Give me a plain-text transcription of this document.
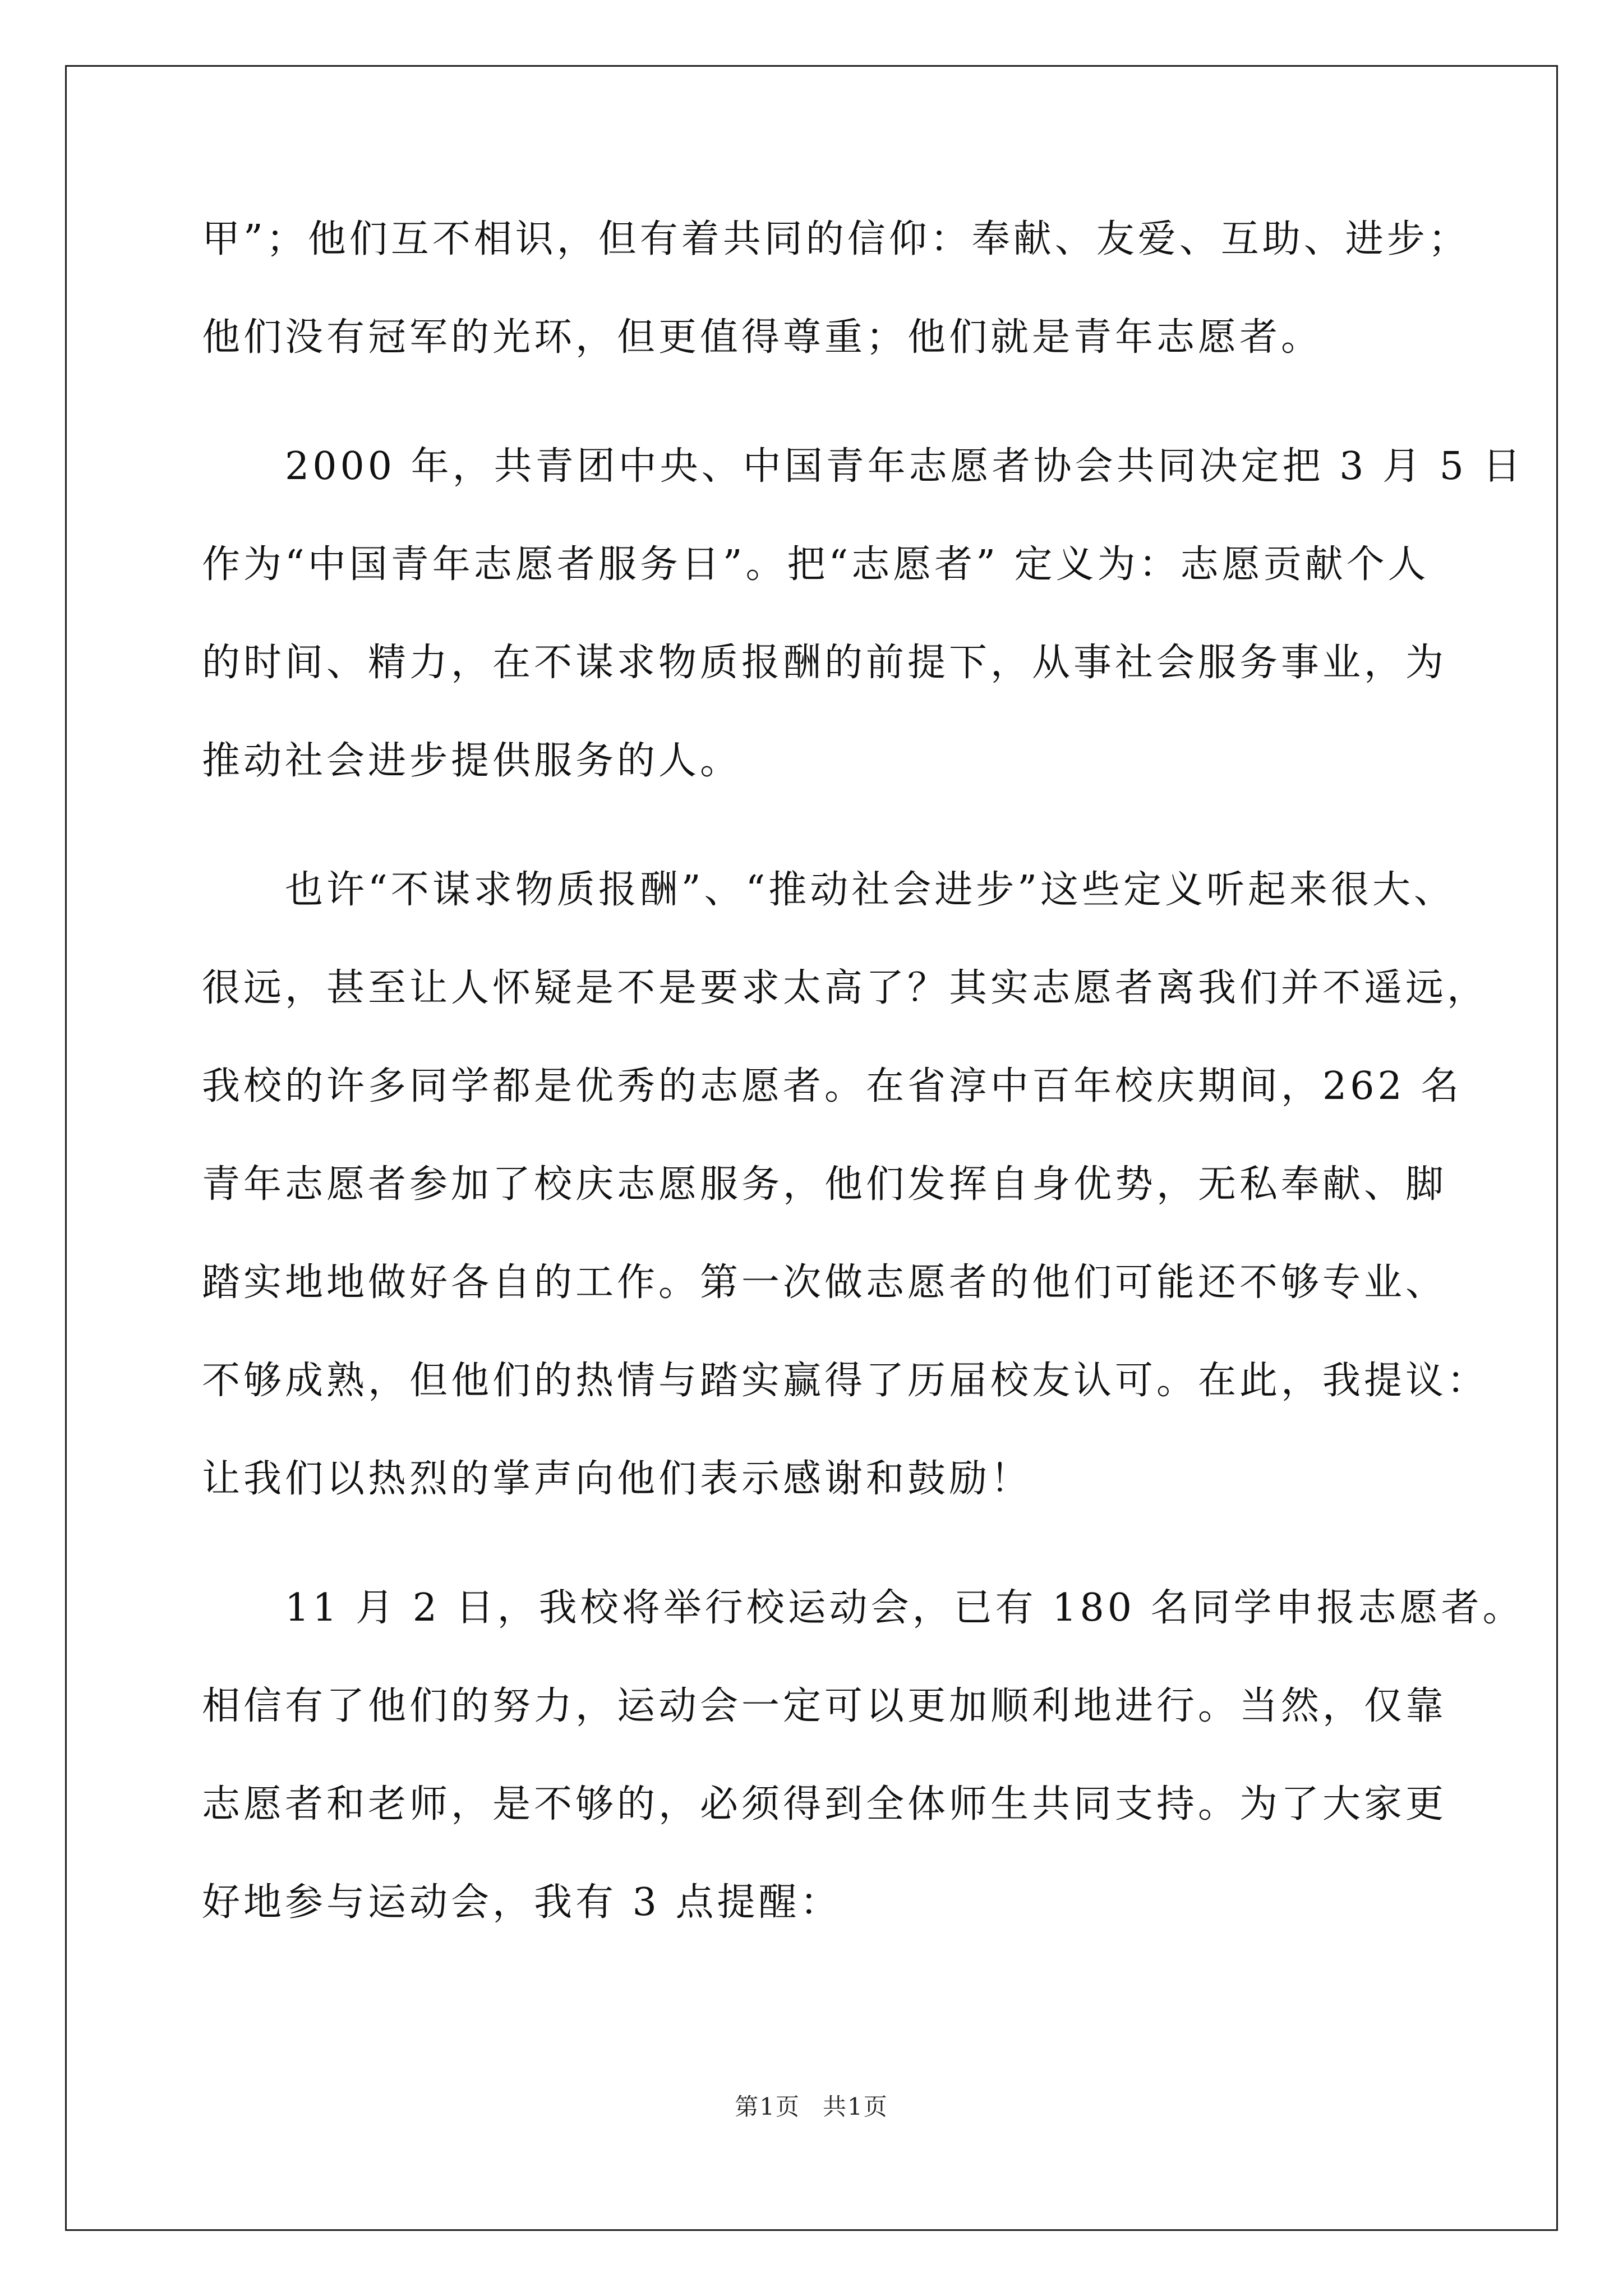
甲”；他们互不相识，但有着共同的信仰：奉献、友爱、互助、进步；
他们没有冠军的光环，但更值得尊重；他们就是青年志愿者。
　　2000 年，共青团中央、中国青年志愿者协会共同决定把 3 月 5 日
作为“中国青年志愿者服务日”。把“志愿者” 定义为：志愿贡献个人
的时间、精力，在不谋求物质报酬的前提下，从事社会服务事业，为
推动社会进步提供服务的人。
　　也许“不谋求物质报酬”、“推动社会进步”这些定义听起来很大、
很远，甚至让人怀疑是不是要求太高了？其实志愿者离我们并不遥远，
我校的许多同学都是优秀的志愿者。在省淳中百年校庆期间，262 名
青年志愿者参加了校庆志愿服务，他们发挥自身优势，无私奉献、脚
踏实地地做好各自的工作。第一次做志愿者的他们可能还不够专业、
不够成熟，但他们的热情与踏实赢得了历届校友认可。在此，我提议：
让我们以热烈的掌声向他们表示感谢和鼓励！
　　11 月 2 日，我校将举行校运动会，已有 180 名同学申报志愿者。
相信有了他们的努力，运动会一定可以更加顺利地进行。当然，仅靠
志愿者和老师，是不够的，必须得到全体师生共同支持。为了大家更
好地参与运动会，我有 3 点提醒：
第1页 共1页
